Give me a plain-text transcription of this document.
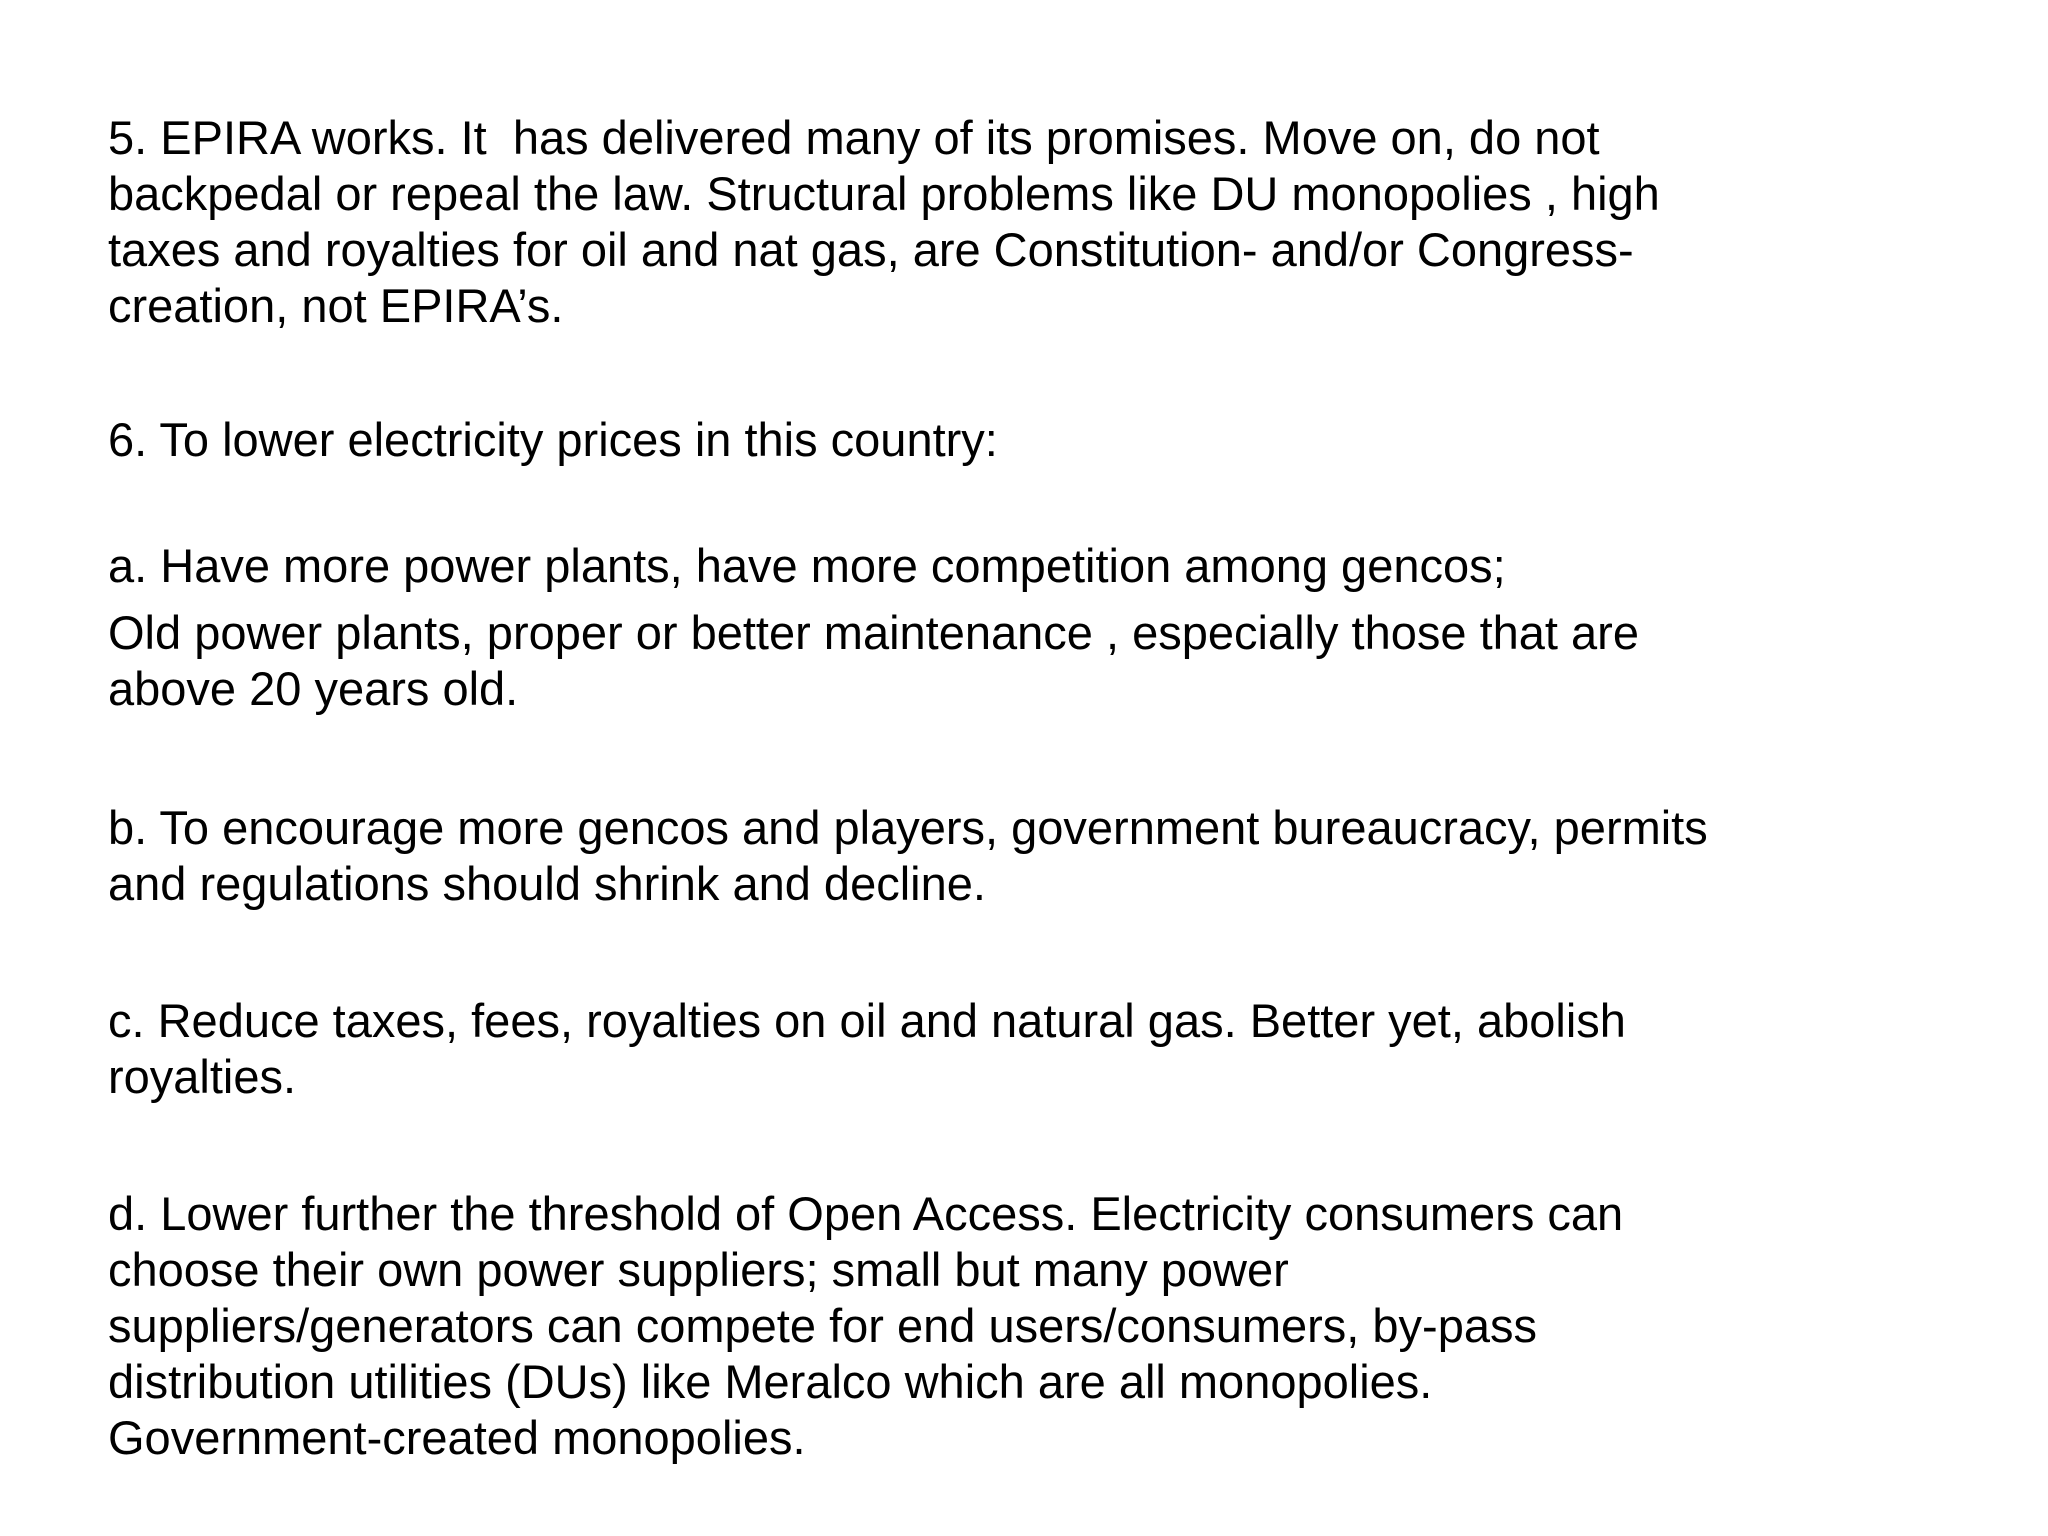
5. EPIRA works. It  has delivered many of its promises. Move on, do not
backpedal or repeal the law. Structural problems like DU monopolies , high
taxes and royalties for oil and nat gas, are Constitution- and/or Congress-
creation, not EPIRA’s.

6. To lower electricity prices in this country:

a. Have more power plants, have more competition among gencos;

Old power plants, proper or better maintenance , especially those that are
above 20 years old.

b. To encourage more gencos and players, government bureaucracy, permits
and regulations should shrink and decline.

c. Reduce taxes, fees, royalties on oil and natural gas. Better yet, abolish
royalties.

d. Lower further the threshold of Open Access. Electricity consumers can
choose their own power suppliers; small but many power
suppliers/generators can compete for end users/consumers, by-pass
distribution utilities (DUs) like Meralco which are all monopolies.
Government-created monopolies.
